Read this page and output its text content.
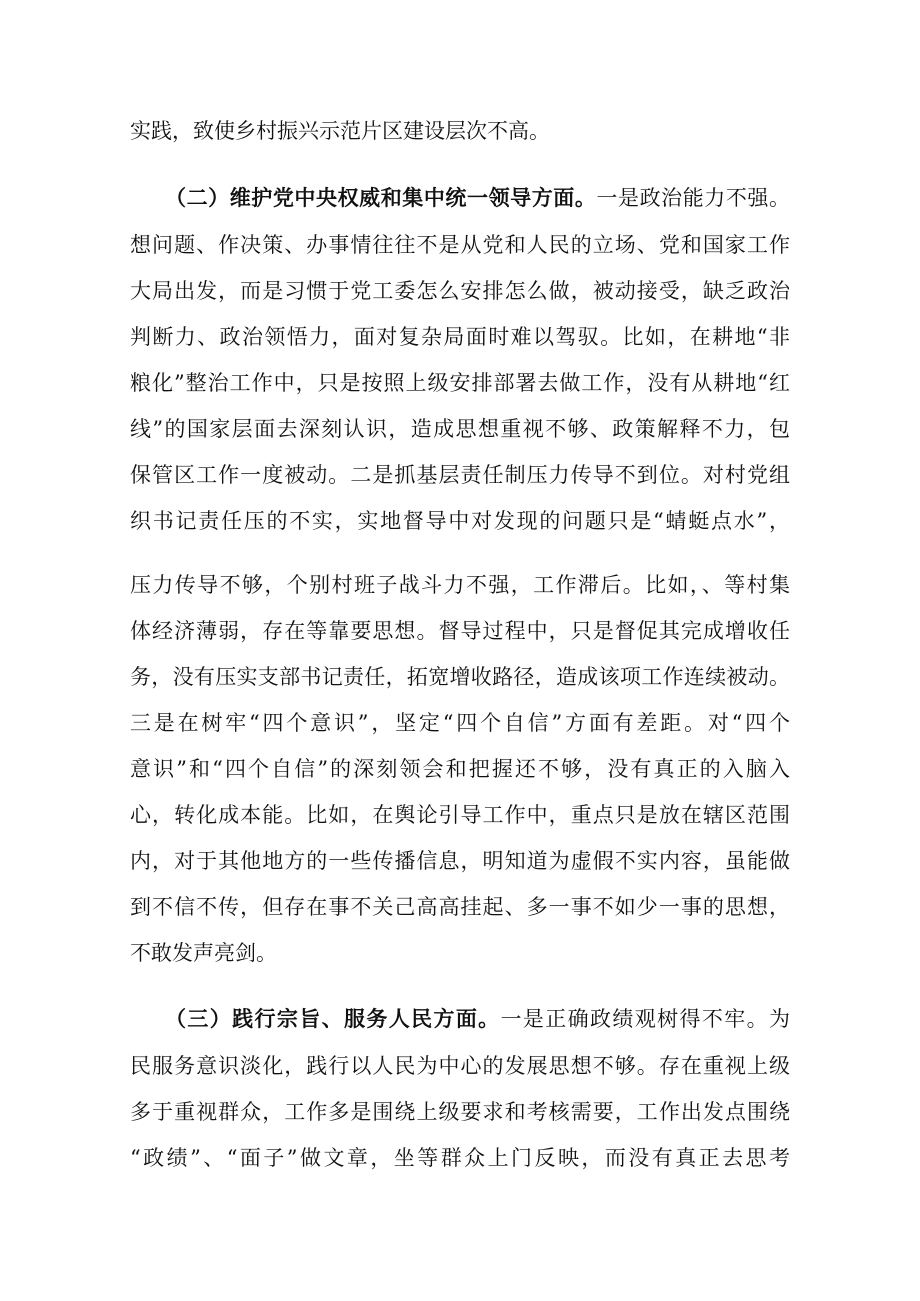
实践，致使乡村振兴示范片区建设层次不高。
（二）维护党中央权威和集中统一领导方面。一是政治能力不强。
想问题、作决策、办事情往往不是从党和人民的立场、党和国家工作
大局出发，而是习惯于党工委怎么安排怎么做，被动接受，缺乏政治
判断力、政治领悟力，面对复杂局面时难以驾驭。比如，在耕地“非
粮化”整治工作中，只是按照上级安排部署去做工作，没有从耕地“红
线”的国家层面去深刻认识，造成思想重视不够、政策解释不力，包
保管区工作一度被动。二是抓基层责任制压力传导不到位。对村党组
织书记责任压的不实，实地督导中对发现的问题只是“蜻蜓点水”，
压力传导不够，个别村班子战斗力不强，工作滞后。比如，、等村集
体经济薄弱，存在等靠要思想。督导过程中，只是督促其完成增收任
务，没有压实支部书记责任，拓宽增收路径，造成该项工作连续被动。
三是在树牢“四个意识”，坚定“四个自信”方面有差距。对“四个
意识”和“四个自信”的深刻领会和把握还不够，没有真正的入脑入
心，转化成本能。比如，在舆论引导工作中，重点只是放在辖区范围
内，对于其他地方的一些传播信息，明知道为虚假不实内容，虽能做
到不信不传，但存在事不关己高高挂起、多一事不如少一事的思想，
不敢发声亮剑。
（三）践行宗旨、服务人民方面。一是正确政绩观树得不牢。为
民服务意识淡化，践行以人民为中心的发展思想不够。存在重视上级
多于重视群众，工作多是围绕上级要求和考核需要，工作出发点围绕
“政绩”、“面子”做文章，坐等群众上门反映，而没有真正去思考
